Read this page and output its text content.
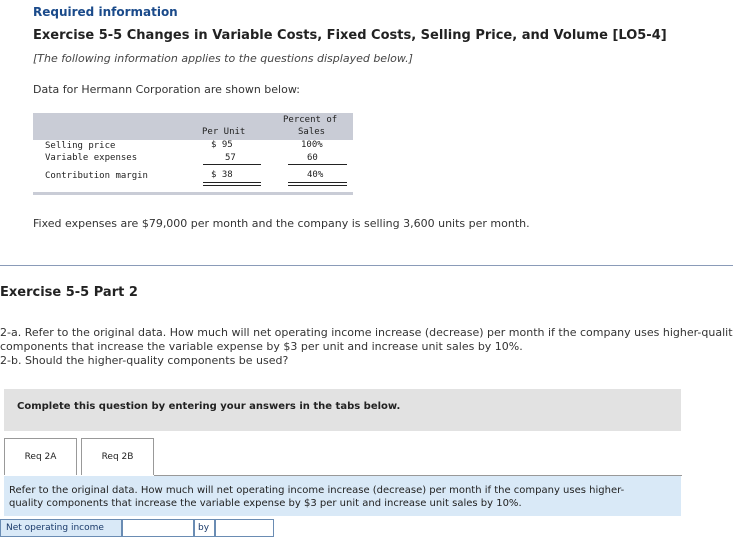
Required information
Exercise 5-5 Changes in Variable Costs, Fixed Costs, Selling Price, and Volume [LO5-4]
[The following information applies to the questions displayed below.]
Data for Hermann Corporation are shown below:
Percent of
Sales
Per Unit
Selling price	$ 95	100%
Variable expenses	57	60
Contribution margin	$ 38	40%
Fixed expenses are $79,000 per month and the company is selling 3,600 units per month.
Exercise 5-5 Part 2
2-a. Refer to the original data. How much will net operating income increase (decrease) per month if the company uses higher-qualit
components that increase the variable expense by $3 per unit and increase unit sales by 10%.
2-b. Should the higher-quality components be used?
Complete this question by entering your answers in the tabs below.
Req 2A	Req 2B
Refer to the original data. How much will net operating income increase (decrease) per month if the company uses higher-
quality components that increase the variable expense by $3 per unit and increase unit sales by 10%.
Net operating income	by
